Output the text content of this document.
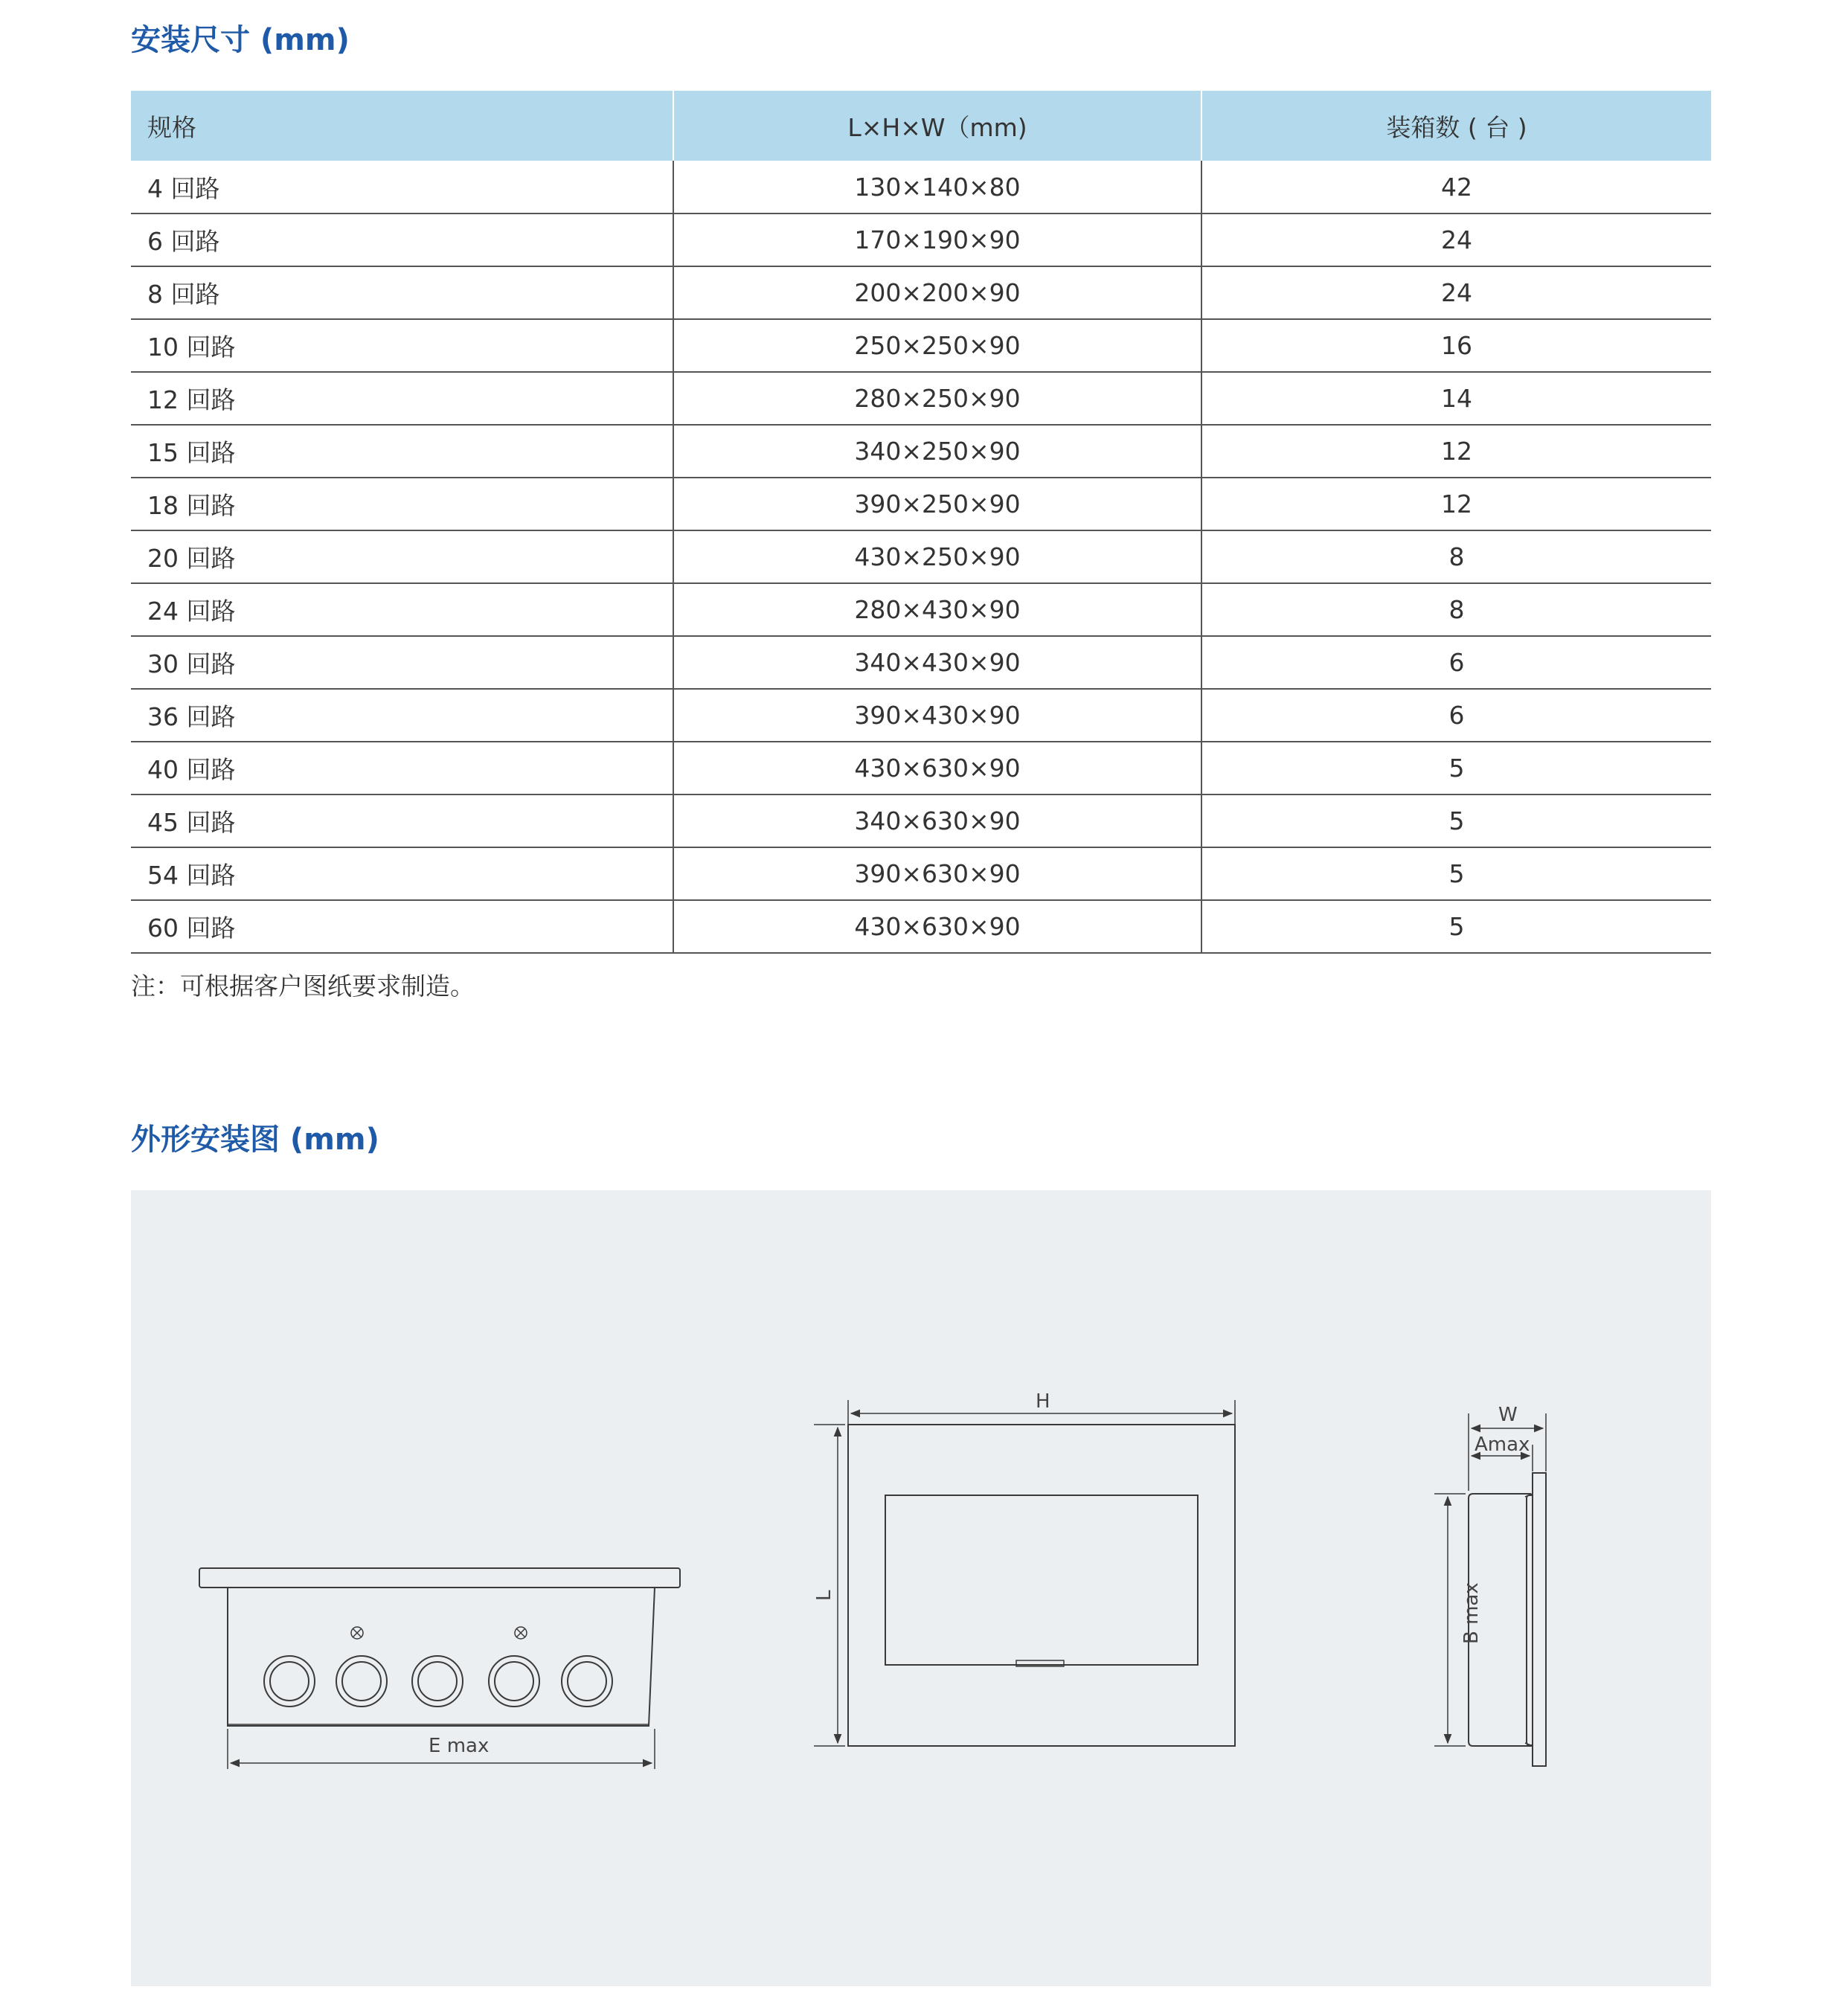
安装尺寸 (mm)
规格	L×H×W（mm)	装箱数 ( 台 )
4 回路	130×140×80	42
6 回路	170×190×90	24
8 回路	200×200×90	24
10 回路	250×250×90	16
12 回路	280×250×90	14
15 回路	340×250×90	12
18 回路	390×250×90	12
20 回路	430×250×90	8
24 回路	280×430×90	8
30 回路	340×430×90	6
36 回路	390×430×90	6
40 回路	430×630×90	5
45 回路	340×630×90	5
54 回路	390×630×90	5
60 回路	430×630×90	5

注：可根据客户图纸要求制造。

外形安装图 (mm)
E max
H
L
W
Amax
B max
